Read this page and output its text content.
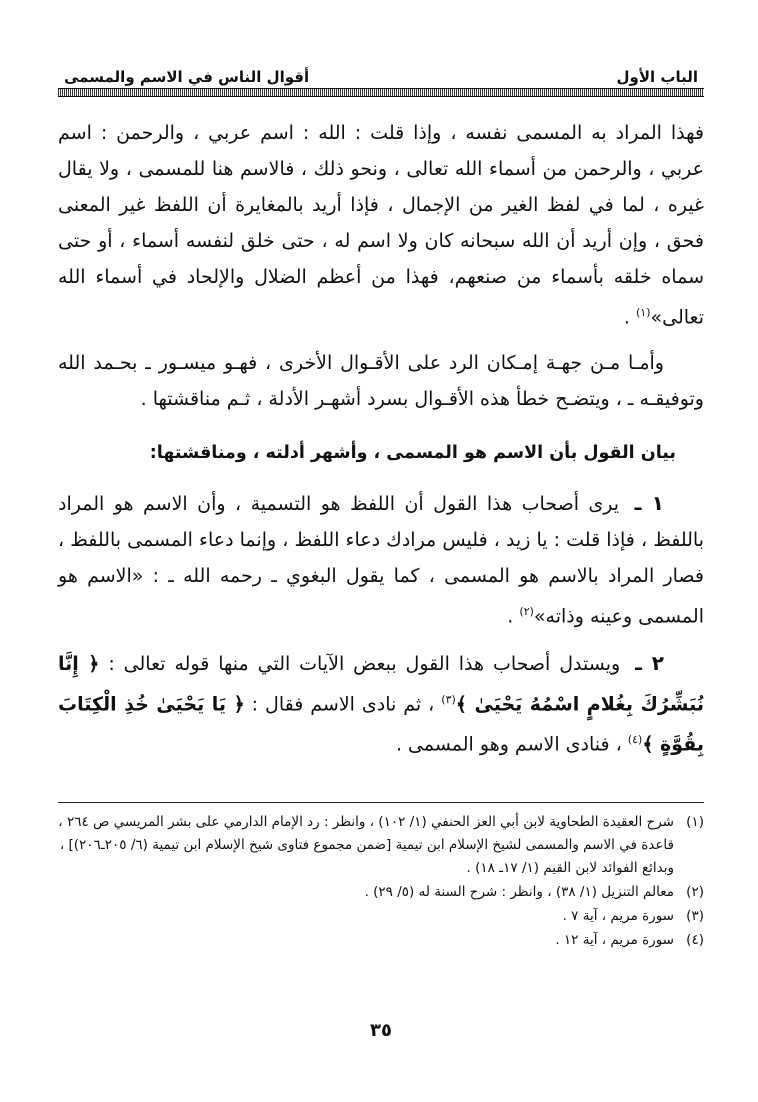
الباب الأول
أقوال الناس في الاسم والمسمى

فهذا المراد به المسمى نفسه ، وإذا قلت : الله : اسم عربي ، والرحمن : اسم عربي ، والرحمن من أسماء الله تعالى ، ونحو ذلك ، فالاسم هنا للمسمى ، ولا يقال غيره ، لما في لفظ الغير من الإجمال ، فإذا أريد بالمغايرة أن اللفظ غير المعنى فحق ، وإن أريد أن الله سبحانه كان ولا اسم له ، حتى خلق لنفسه أسماء ، أو حتى سماه خلقه بأسماء من صنعهم، فهذا من أعظم الضلال والإلحاد في أسماء الله تعالى»$^{(١)}$ .

وأمـا مـن جهـة إمـكان الرد على الأقـوال الأخرى ، فهـو ميسـور ـ بحـمد الله وتوفيقـه ـ ، ويتضـح خطأ هذه الأقـوال بسرد أشهـر الأدلة ، ثـم مناقشتها .

بيان القول بأن الاسم هو المسمى ، وأشهر أدلته ، ومناقشتها:

١ ـ يرى أصحاب هذا القول أن اللفظ هو التسمية ، وأن الاسم هو المراد باللفظ ، فإذا قلت : يا زيد ، فليس مرادك دعاء اللفظ ، وإنما دعاء المسمى باللفظ ، فصار المراد بالاسم هو المسمى ، كما يقول البغوي ـ رحمه الله ـ : «الاسم هو المسمى وعينه وذاته»$^{(٢)}$ .

٢ ـ ويستدل أصحاب هذا القول ببعض الآيات التي منها قوله تعالى : ﴿ إِنَّا نُبَشِّرُكَ بِغُلامٍ اسْمُهُ يَحْيَىٰ ﴾$^{(٣)}$ ، ثم نادى الاسم فقال : ﴿ يَا يَحْيَىٰ خُذِ الْكِتَابَ بِقُوَّةٍ ﴾$^{(٤)}$ ، فنادى الاسم وهو المسمى .

(١)
شرح العقيدة الطحاوية لابن أبي العز الحنفي (١/ ١٠٢) ، وانظر : رد الإمام الدارمي على بشر المريسي ص ٢٦٤ ، قاعدة في الاسم والمسمى لشيخ الإسلام ابن تيمية [ضمن مجموع فتاوى شيخ الإسلام ابن تيمية (٦/ ٢٠٥ـ٢٠٦)] ، وبدائع الفوائد لابن القيم (١/ ١٧ـ ١٨) .
(٢)
معالم التنزيل (١/ ٣٨) ، وانظر : شرح السنة له (٥/ ٢٩) .
(٣)
سورة مريم ، آية ٧ .
(٤)
سورة مريم ، آية ١٢ .
٣٥
